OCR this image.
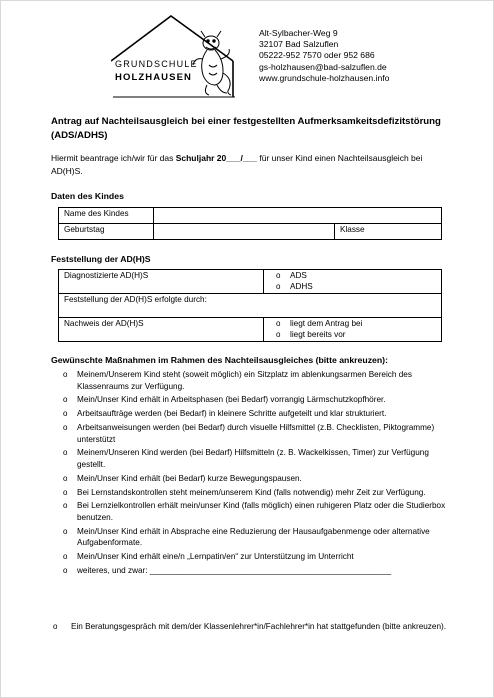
GRUNDSCHULE
HOLZHAUSEN
Alt-Sylbacher-Weg 9
32107 Bad Salzuflen
05222-952 7570 oder 952 686
gs-holzhausen@bad-salzuflen.de
www.grundschule-holzhausen.info
Antrag auf Nachteilsausgleich bei einer festgestellten Aufmerksamkeitsdefizitstörung (ADS/ADHS)
Hiermit beantrage ich/wir für das Schuljahr 20___/___ für unser Kind einen Nachteilsausgleich bei AD(H)S.
Daten des Kindes
Name des Kindes		
Geburtstag		Klasse
Feststellung der AD(H)S
Diagnostizierte AD(H)S	o ADS
o ADHS

Feststellung der AD(H)S erfolgte durch:	
Nachweis der AD(H)S	o liegt dem Antrag bei
o liegt bereits vor
Gewünschte Maßnahmen im Rahmen des Nachteilsausgleiches (bitte ankreuzen):
o Meinem/Unserem Kind steht (soweit möglich) ein Sitzplatz im ablenkungsarmen Bereich des Klassenraums zur Verfügung.
o Mein/Unser Kind erhält in Arbeitsphasen (bei Bedarf) vorrangig Lärmschutzkopfhörer.
o Arbeitsaufträge werden (bei Bedarf) in kleinere Schritte aufgeteilt und klar strukturiert.
o Arbeitsanweisungen werden (bei Bedarf) durch visuelle Hilfsmittel (z.B. Checklisten, Piktogramme) unterstützt
o Meinem/Unseren Kind werden (bei Bedarf) Hilfsmitteln (z. B. Wackelkissen, Timer) zur Verfügung gestellt.
o Mein/Unser Kind erhält (bei Bedarf) kurze Bewegungspausen.
o Bei Lernstandskontrollen steht meinem/unserem Kind (falls notwendig) mehr Zeit zur Verfügung.
o Bei Lernzielkontrollen erhält mein/unser Kind (falls möglich) einen ruhigeren Platz oder die Studierbox benutzen.
o Mein/Unser Kind erhält in Absprache eine Reduzierung der Hausaufgabenmenge oder alternative Aufgabenformate.
o Mein/Unser Kind erhält eine/n „Lernpatin/en“ zur Unterstützung im Unterricht
o weiteres, und zwar: _____________________________________________________
o Ein Beratungsgespräch mit dem/der Klassenlehrer*in/Fachlehrer*in hat stattgefunden (bitte ankreuzen).
